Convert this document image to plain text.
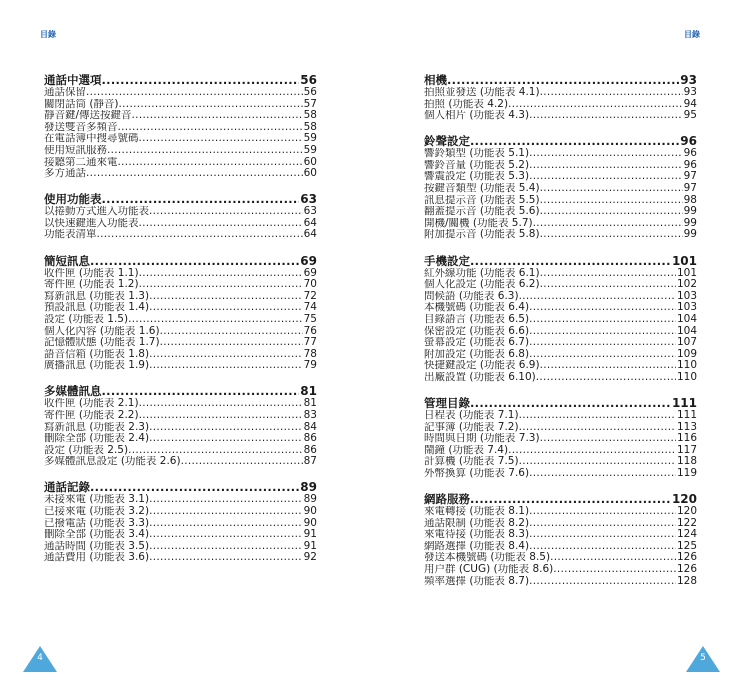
目錄	目錄
通話中選項 .....	56
通話保留 .....	56
關閉話筒 (靜音) .....	57
靜音鍵/傳送按鍵音 .....	58
發送雙音多頻音 .....	58
在電話簿中搜尋號碼 .....	59
使用短訊服務 .....	59
接聽第二通來電 .....	60
多方通話 .....	60
使用功能表 .....	63
以捲動方式進入功能表 .....	63
以快速鍵進入功能表 .....	64
功能表清單 .....	64
簡短訊息 .....	69
收件匣 (功能表 1.1) .....	69
寄件匣 (功能表 1.2) .....	70
寫新訊息 (功能表 1.3) .....	72
預設訊息 (功能表 1.4) .....	74
設定 (功能表 1.5) .....	75
個人化內容 (功能表 1.6) .....	76
記憶體狀態 (功能表 1.7) .....	77
語音信箱 (功能表 1.8) .....	78
廣播訊息 (功能表 1.9) .....	79
多媒體訊息 .....	81
收件匣 (功能表 2.1) .....	81
寄件匣 (功能表 2.2) .....	83
寫新訊息 (功能表 2.3) .....	84
刪除全部 (功能表 2.4) .....	86
設定 (功能表 2.5) .....	86
多媒體訊息設定 (功能表 2.6) .....	87
通話記錄 .....	89
未接來電 (功能表 3.1) .....	89
已接來電 (功能表 3.2) .....	90
已撥電話 (功能表 3.3) .....	90
刪除全部 (功能表 3.4) .....	91
通話時間 (功能表 3.5) .....	91
通話費用 (功能表 3.6) .....	92
相機 .....	93
拍照並發送 (功能表 4.1) .....	93
拍照 (功能表 4.2) .....	94
個人相片 (功能表 4.3) .....	95
鈴聲設定 .....	96
響鈴類型 (功能表 5.1) .....	96
響鈴音量 (功能表 5.2) .....	96
響震設定 (功能表 5.3) .....	97
按鍵音類型 (功能表 5.4) .....	97
訊息提示音 (功能表 5.5) .....	98
翻蓋提示音 (功能表 5.6) .....	99
開機/關機 (功能表 5.7) .....	99
附加提示音 (功能表 5.8) .....	99
手機設定 .....	101
紅外線功能 (功能表 6.1) .....	101
個人化設定 (功能表 6.2) .....	102
問候語 (功能表 6.3) .....	103
本機號碼 (功能表 6.4) .....	103
目錄語言 (功能表 6.5) .....	104
保密設定 (功能表 6.6) .....	104
螢幕設定 (功能表 6.7) .....	107
附加設定 (功能表 6.8) .....	109
快捷鍵設定 (功能表 6.9) .....	110
出廠設置 (功能表 6.10) .....	110
管理目錄 .....	111
日程表 (功能表 7.1) .....	111
記事簿 (功能表 7.2) .....	113
時間與日期 (功能表 7.3) .....	116
鬧鐘 (功能表 7.4) .....	117
計算機 (功能表 7.5) .....	118
外幣換算 (功能表 7.6) .....	119
網路服務 .....	120
來電轉接 (功能表 8.1) .....	120
通話限制 (功能表 8.2) .....	122
來電待接 (功能表 8.3) .....	124
網路選擇 (功能表 8.4) .....	125
發送本機號碼 (功能表 8.5) .....	126
用户群 (CUG) (功能表 8.6) .....	126
頻率選擇 (功能表 8.7) .....	128
4	5
